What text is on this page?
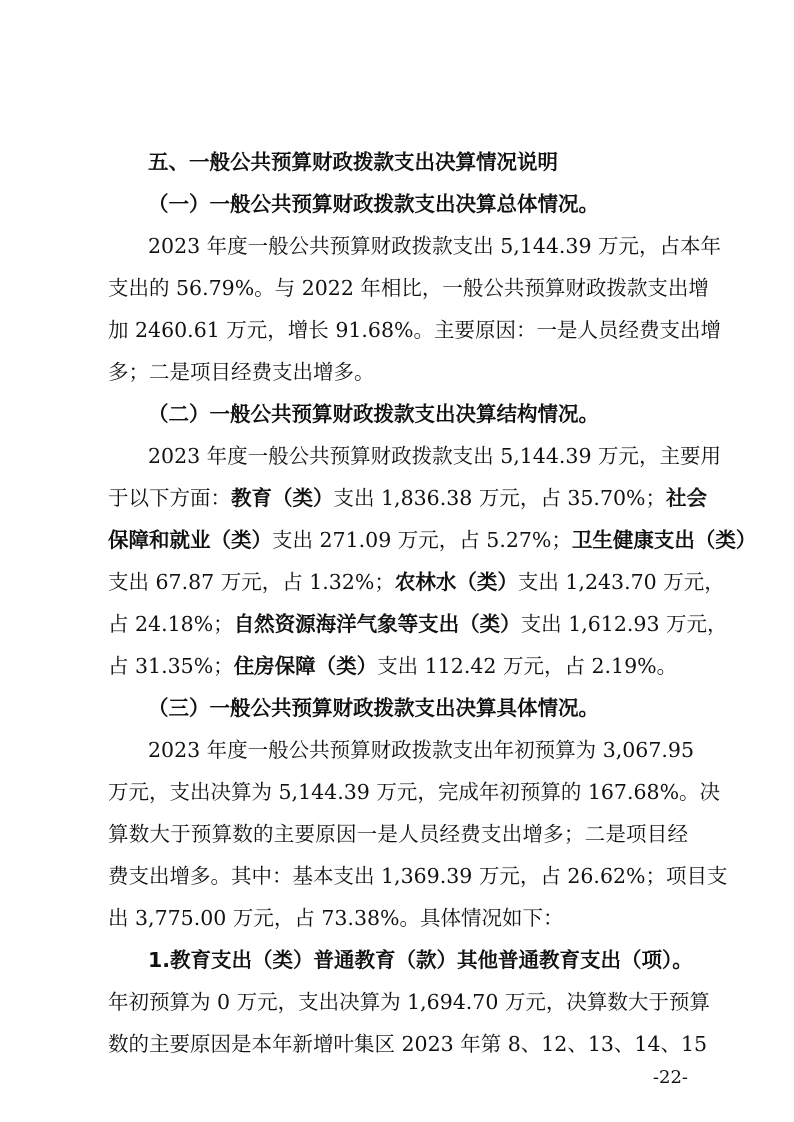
五、一般公共预算财政拨款支出决算情况说明
（一）一般公共预算财政拨款支出决算总体情况。
2023 年度一般公共预算财政拨款支出 5,144.39 万元，占本年
支出的 56.79%。与 2022 年相比，一般公共预算财政拨款支出增
加 2460.61 万元，增长 91.68%。主要原因：一是人员经费支出增
多；二是项目经费支出增多。
（二）一般公共预算财政拨款支出决算结构情况。
2023 年度一般公共预算财政拨款支出 5,144.39 万元，主要用
于以下方面：教育（类）支出 1,836.38 万元，占 35.70%；社会
保障和就业（类）支出 271.09 万元，占 5.27%；卫生健康支出（类）
支出 67.87 万元，占 1.32%；农林水（类）支出 1,243.70 万元，
占 24.18%；自然资源海洋气象等支出（类）支出 1,612.93 万元，
占 31.35%；住房保障（类）支出 112.42 万元，占 2.19%。
（三）一般公共预算财政拨款支出决算具体情况。
2023 年度一般公共预算财政拨款支出年初预算为 3,067.95
万元，支出决算为 5,144.39 万元，完成年初预算的 167.68%。决
算数大于预算数的主要原因一是人员经费支出增多；二是项目经
费支出增多。其中：基本支出 1,369.39 万元，占 26.62%；项目支
出 3,775.00 万元，占 73.38%。具体情况如下：
1.教育支出（类）普通教育（款）其他普通教育支出（项）。
年初预算为 0 万元，支出决算为 1,694.70 万元，决算数大于预算
数的主要原因是本年新增叶集区 2023 年第 8、12、13、14、15
-22-
